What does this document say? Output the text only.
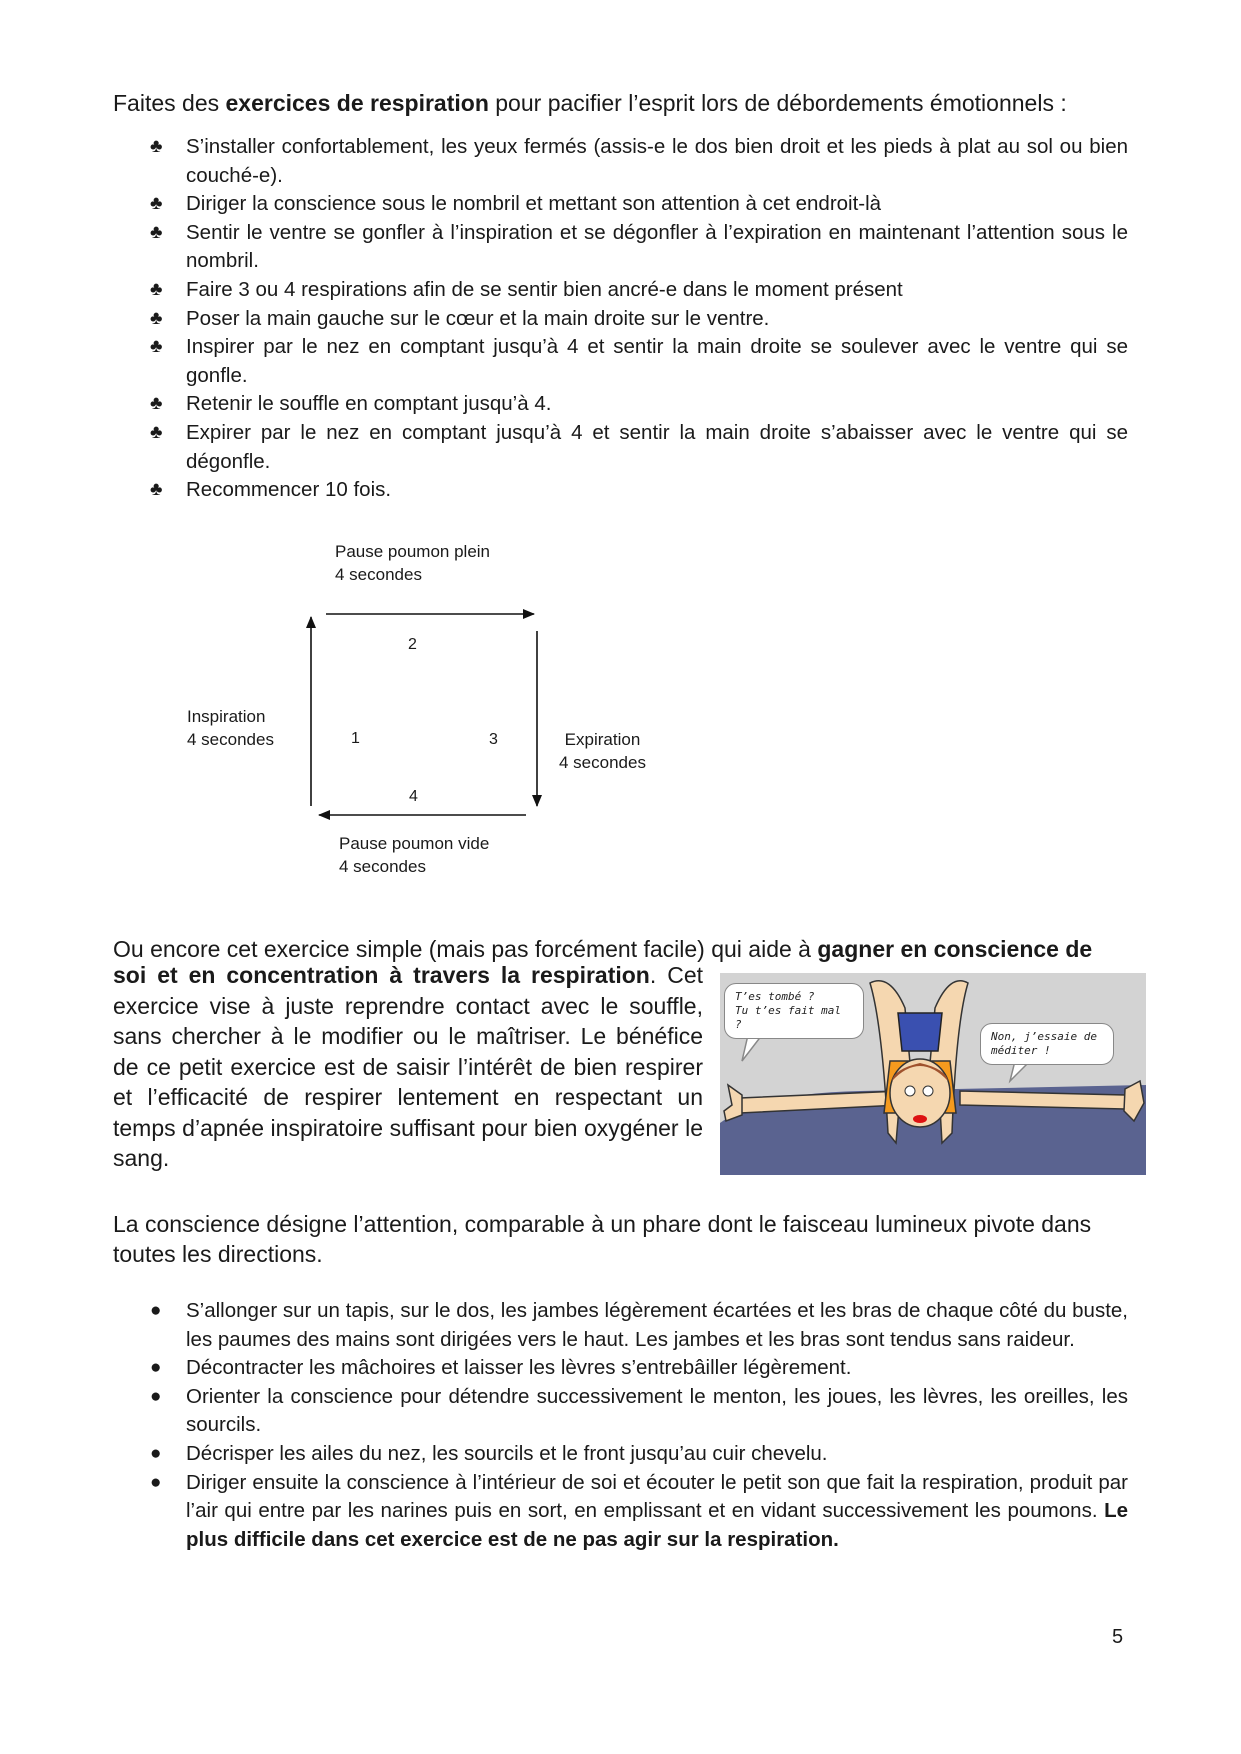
Faites des exercices de respiration pour pacifier l’esprit lors de débordements émotionnels :

♣ S’installer confortablement, les yeux fermés (assis-e le dos bien droit et les pieds à plat au sol ou bien couché-e).
♣ Diriger la conscience sous le nombril et mettant son attention à cet endroit-là
♣ Sentir le ventre se gonfler à l’inspiration et se dégonfler à l’expiration en maintenant l’attention sous le nombril.
♣ Faire 3 ou 4 respirations afin de se sentir bien ancré-e dans le moment présent
♣ Poser la main gauche sur le cœur et la main droite sur le ventre.
♣ Inspirer par le nez en comptant jusqu’à 4 et sentir la main droite se soulever avec le ventre qui se gonfle.
♣ Retenir le souffle en comptant jusqu’à 4.
♣ Expirer par le nez en comptant jusqu’à 4 et sentir la main droite s’abaisser avec le ventre qui se dégonfle.
♣ Recommencer 10 fois.
Pause poumon plein
4 secondes
Inspiration
4 secondes	Expiration
4 secondes
Pause poumon vide
4 secondes
1
2
3
4

Ou encore cet exercice simple (mais pas forcément facile) qui aide à gagner en conscience de

soi et en concentration à travers la respiration. Cet exercice vise à juste reprendre contact avec le souffle, sans chercher à le modifier ou le maîtriser. Le bénéfice de ce petit exercice est de saisir l’intérêt de bien respirer et l’efficacité de respirer lentement en respectant un temps d’apnée inspiratoire suffisant pour bien oxygéner le sang.

T’es tombé ?
Tu t’es fait mal ?
Non, j’essaie de
méditer !

La conscience désigne l’attention, comparable à un phare dont le faisceau lumineux pivote dans toutes les directions.

● S’allonger sur un tapis, sur le dos, les jambes légèrement écartées et les bras de chaque côté du buste, les paumes des mains sont dirigées vers le haut. Les jambes et les bras sont tendus sans raideur.
● Décontracter les mâchoires et laisser les lèvres s’entrebâiller légèrement.
● Orienter la conscience pour détendre successivement le menton, les joues, les lèvres, les oreilles, les sourcils.
● Décrisper les ailes du nez, les sourcils et le front jusqu’au cuir chevelu.
● Diriger ensuite la conscience à l’intérieur de soi et écouter le petit son que fait la respiration, produit par l’air qui entre par les narines puis en sort, en emplissant et en vidant successivement les poumons. Le plus difficile dans cet exercice est de ne pas agir sur la respiration.
5
